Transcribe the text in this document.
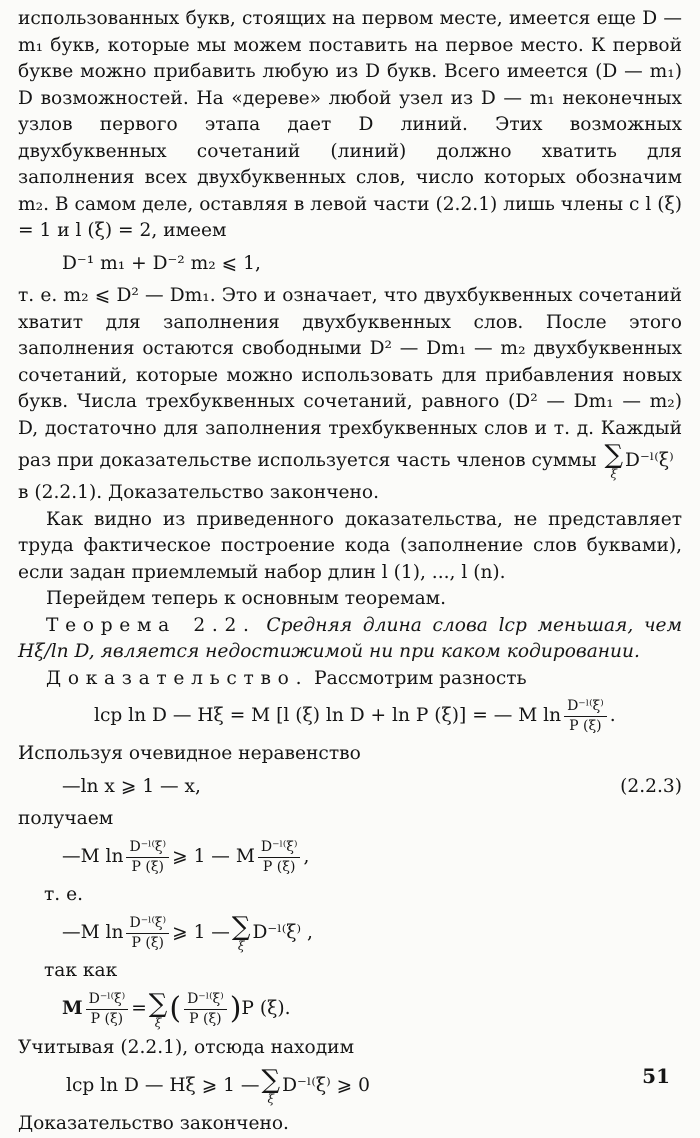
использованных букв, стоящих на первом месте, имеется еще D — m₁ букв, которые мы можем поставить на первое место. К первой букве можно прибавить любую из D букв. Всего имеется (D — m₁) D возможностей. На «дереве» любой узел из D — m₁ неконечных узлов первого этапа дает D линий. Этих возможных двухбуквенных сочетаний (линий) должно хватить для заполнения всех двухбуквенных слов, число которых обозначим m₂. В самом деле, оставляя в левой части (2.2.1) лишь члены с l (ξ) = 1 и l (ξ) = 2, имеем

D⁻¹ m₁ + D⁻² m₂ ⩽ 1,

т. е. m₂ ⩽ D² — Dm₁. Это и означает, что двухбуквенных сочетаний хватит для заполнения двухбуквенных слов. После этого заполнения остаются свободными D² — Dm₁ — m₂ двухбуквенных сочетаний, которые можно использовать для прибавления новых букв. Числа трехбуквенных сочетаний, равного (D² — Dm₁ — m₂) D, достаточно для заполнения трехбуквенных слов и т. д. Каждый раз при доказательстве используется часть членов суммы ∑
ξ
D⁻ˡ⁽ξ⁾

в (2.2.1). Доказательство закончено.

Как видно из приведенного доказательства, не представляет труда фактическое построение кода (заполнение слов буквами), если задан приемлемый набор длин l (1), ..., l (n).

Перейдем теперь к основным теоремам.

Теорема 2.2. Средняя длина слова lср меньшая, чем Hξ/ln D, является недостижимой ни при каком кодировании.

Доказательство. Рассмотрим разность

lср ln D — Hξ = M [l (ξ) ln D + ln P (ξ)] = — M $\ln \frac{\text{D⁻ˡ⁽ξ⁾}}{P (\xi)}$ .

Используя очевидное неравенство

—ln x ⩾ 1 — x,	(2.2.3)

получаем

—M $\ln \frac{\text{D⁻ˡ⁽ξ⁾}}{P (\xi)}$ ⩾ 1 — M $\frac{\text{D⁻ˡ⁽ξ⁾}}{P (\xi)}$ ,

т. е.

—M $\ln \frac{\text{D⁻ˡ⁽ξ⁾}}{P (\xi)}$ ⩾ 1 — ∑
ξ
D⁻ˡ⁽ξ⁾ ,

так как

M $\frac{\text{D⁻ˡ⁽ξ⁾}}{P (\xi)}$ = ∑
ξ ( $\frac{\text{D⁻ˡ⁽ξ⁾}}{P (\xi)}$ ) P (ξ).

Учитывая (2.2.1), отсюда находим

lср ln D — Hξ ⩾ 1 — ∑
ξ
D⁻ˡ⁽ξ⁾ ⩾ 0

Доказательство закончено.

51
